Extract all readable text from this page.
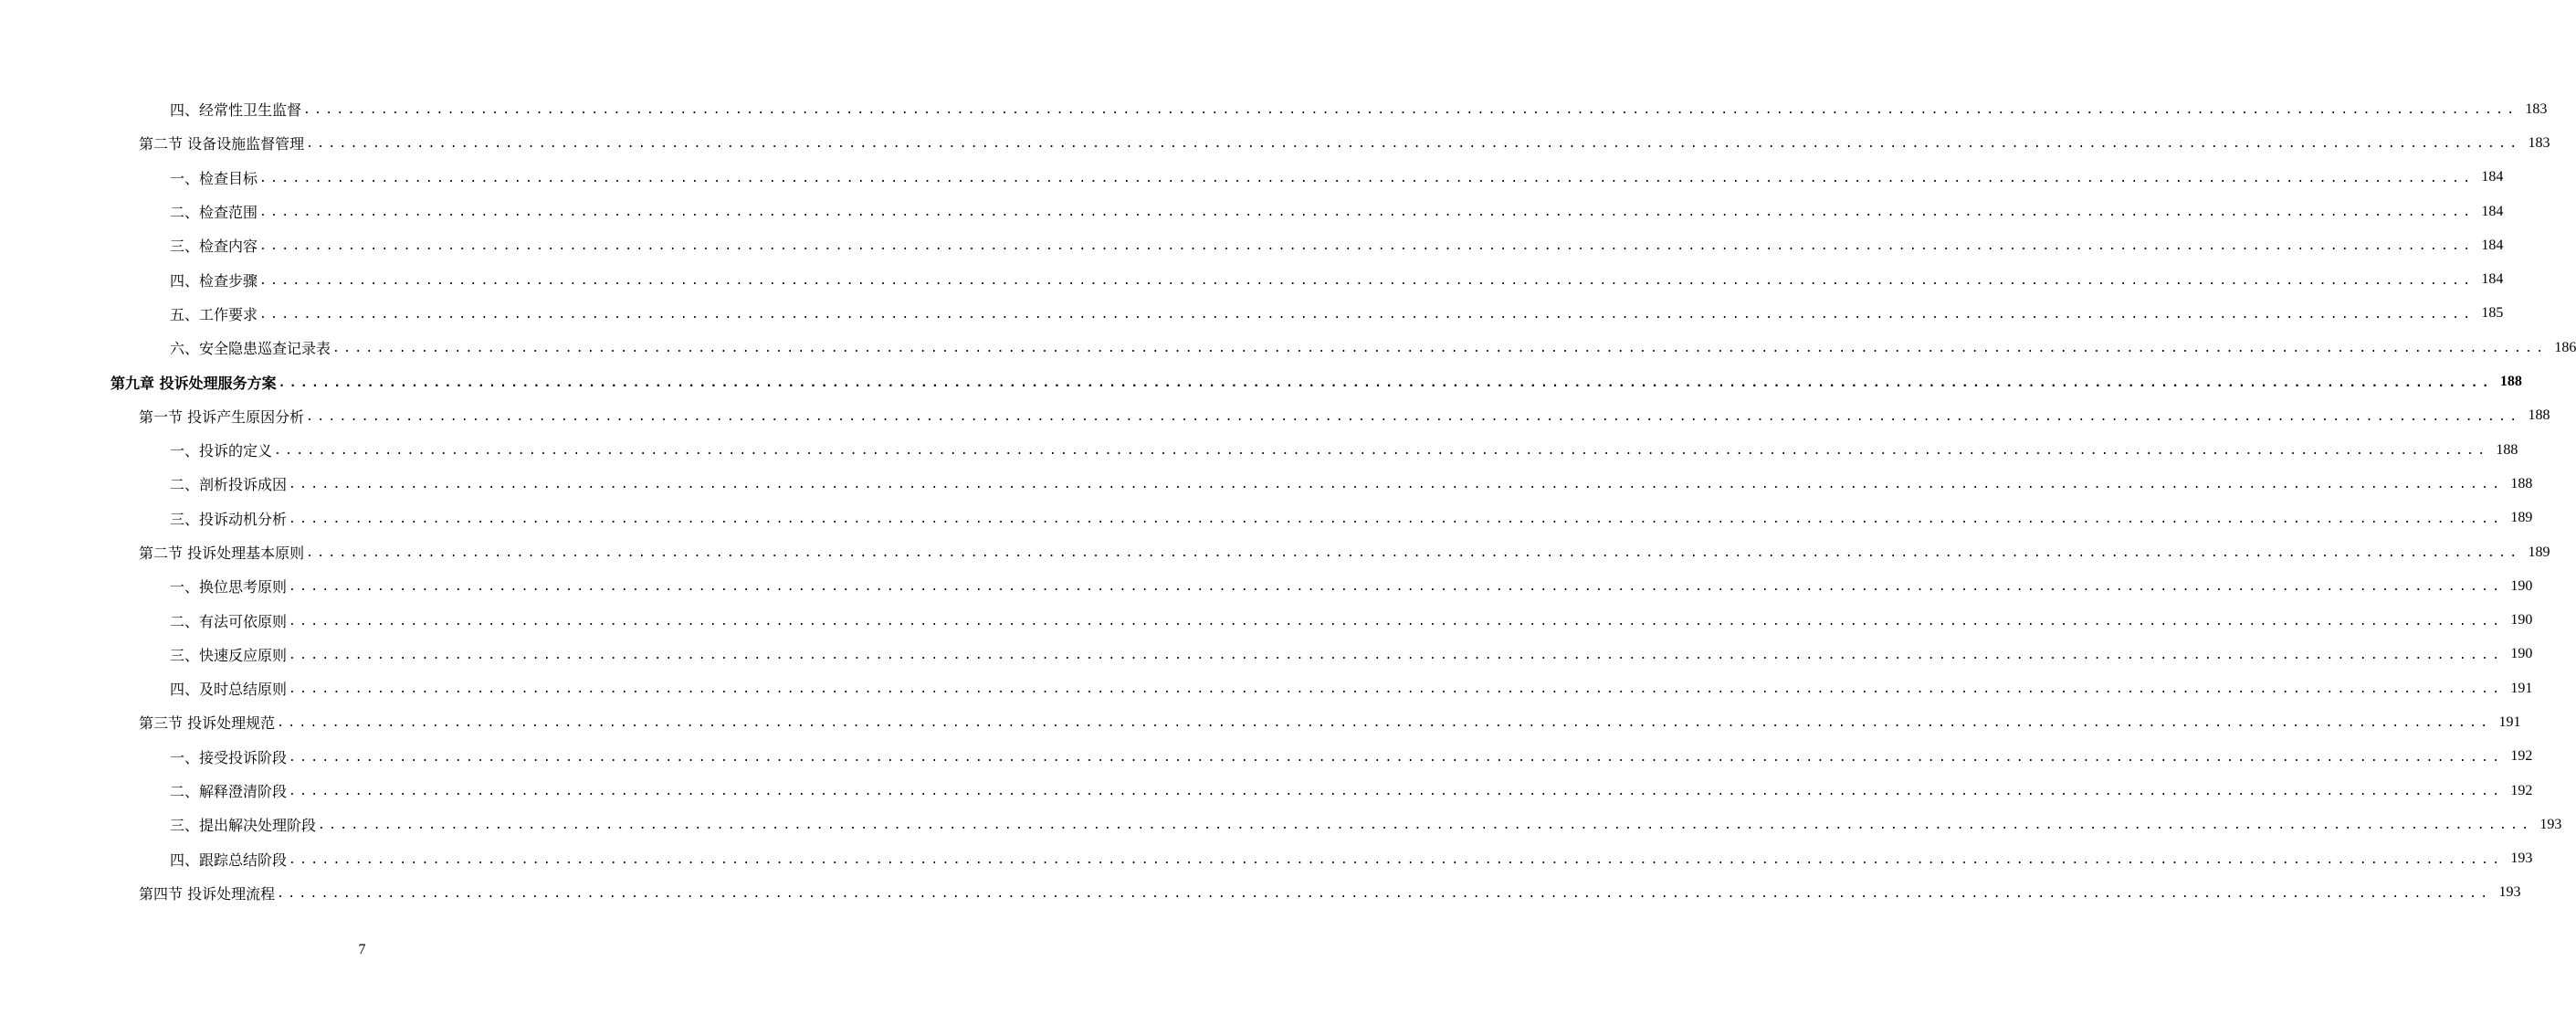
四、经常性卫生监督 ........................................................................................................................................................................................................ 183
第二节 设备设施监督管理 ........................................................................................................................................................................................................ 183
一、检查目标 ........................................................................................................................................................................................................ 184
二、检查范围 ........................................................................................................................................................................................................ 184
三、检查内容 ........................................................................................................................................................................................................ 184
四、检查步骤 ........................................................................................................................................................................................................ 184
五、工作要求 ........................................................................................................................................................................................................ 185
六、安全隐患巡查记录表 ........................................................................................................................................................................................................ 186
第九章 投诉处理服务方案 ........................................................................................................................................................................................................ 188
第一节 投诉产生原因分析 ........................................................................................................................................................................................................ 188
一、投诉的定义 ........................................................................................................................................................................................................ 188
二、剖析投诉成因 ........................................................................................................................................................................................................ 188
三、投诉动机分析 ........................................................................................................................................................................................................ 189
第二节 投诉处理基本原则 ........................................................................................................................................................................................................ 189
一、换位思考原则 ........................................................................................................................................................................................................ 190
二、有法可依原则 ........................................................................................................................................................................................................ 190
三、快速反应原则 ........................................................................................................................................................................................................ 190
四、及时总结原则 ........................................................................................................................................................................................................ 191
第三节 投诉处理规范 ........................................................................................................................................................................................................ 191
一、接受投诉阶段 ........................................................................................................................................................................................................ 192
二、解释澄清阶段 ........................................................................................................................................................................................................ 192
三、提出解决处理阶段 ........................................................................................................................................................................................................ 193
四、跟踪总结阶段 ........................................................................................................................................................................................................ 193
第四节 投诉处理流程 ........................................................................................................................................................................................................ 193
7
